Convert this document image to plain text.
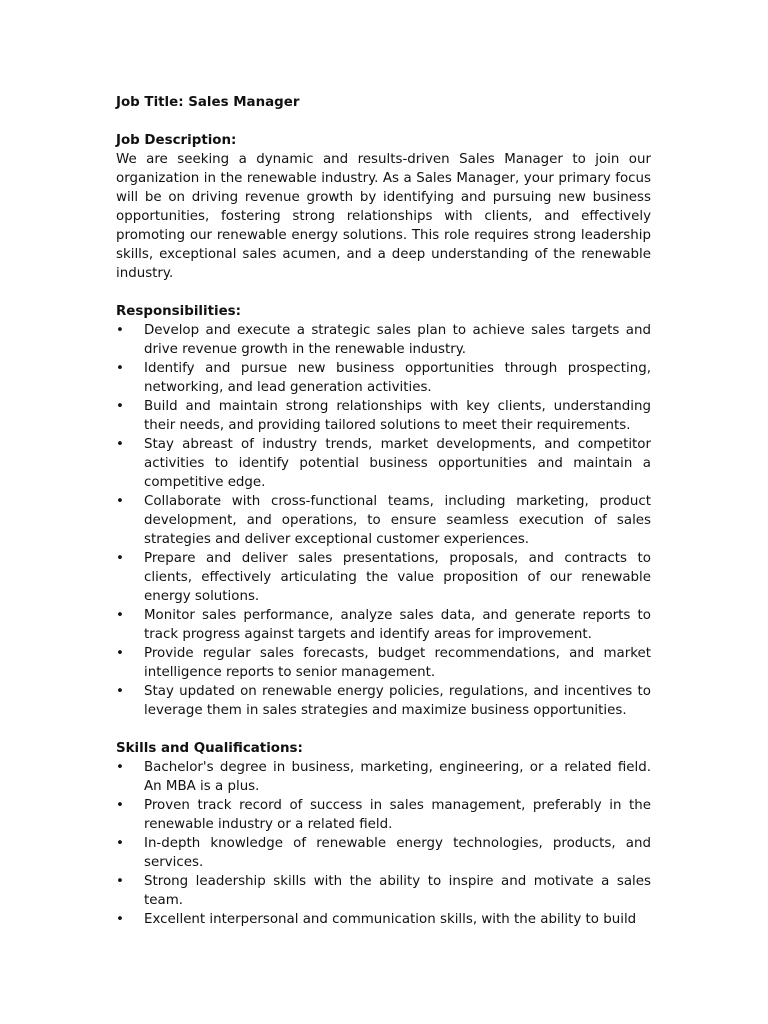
Job Title: Sales Manager

Job Description:

We are seeking a dynamic and results-driven Sales Manager to join our organization in the renewable industry. As a Sales Manager, your primary focus will be on driving revenue growth by identifying and pursuing new business opportunities, fostering strong relationships with clients, and effectively promoting our renewable energy solutions. This role requires strong leadership skills, exceptional sales acumen, and a deep understanding of the renewable industry.

Responsibilities:

• Develop and execute a strategic sales plan to achieve sales targets and drive revenue growth in the renewable industry.
• Identify and pursue new business opportunities through prospecting, networking, and lead generation activities.
• Build and maintain strong relationships with key clients, understanding their needs, and providing tailored solutions to meet their requirements.
• Stay abreast of industry trends, market developments, and competitor activities to identify potential business opportunities and maintain a competitive edge.
• Collaborate with cross-functional teams, including marketing, product development, and operations, to ensure seamless execution of sales strategies and deliver exceptional customer experiences.
• Prepare and deliver sales presentations, proposals, and contracts to clients, effectively articulating the value proposition of our renewable energy solutions.
• Monitor sales performance, analyze sales data, and generate reports to track progress against targets and identify areas for improvement.
• Provide regular sales forecasts, budget recommendations, and market intelligence reports to senior management.
• Stay updated on renewable energy policies, regulations, and incentives to leverage them in sales strategies and maximize business opportunities.

Skills and Qualifications:

• Bachelor's degree in business, marketing, engineering, or a related field. An MBA is a plus.
• Proven track record of success in sales management, preferably in the renewable industry or a related field.
• In-depth knowledge of renewable energy technologies, products, and services.
• Strong leadership skills with the ability to inspire and motivate a sales team.
• Excellent interpersonal and communication skills, with the ability to build
